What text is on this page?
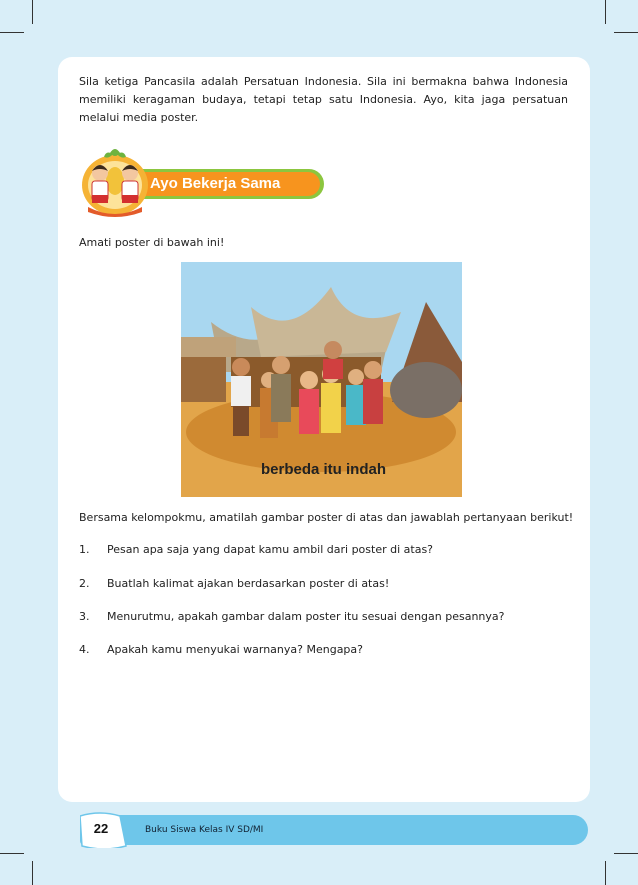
Sila ketiga Pancasila adalah Persatuan Indonesia. Sila ini bermakna bahwa Indonesia memiliki keragaman budaya, tetapi tetap satu Indonesia. Ayo, kita jaga persatuan melalui media poster.
Ayo Bekerja Sama
Amati poster di bawah ini!
berbeda itu indah
Bersama kelompokmu, amatilah gambar poster di atas dan jawablah pertanyaan berikut!
1. Pesan apa saja yang dapat kamu ambil dari poster di atas?
2. Buatlah kalimat ajakan berdasarkan poster di atas!
3. Menurutmu, apakah gambar dalam poster itu sesuai dengan pesannya?
4. Apakah kamu menyukai warnanya? Mengapa?
22	Buku Siswa Kelas IV SD/MI
